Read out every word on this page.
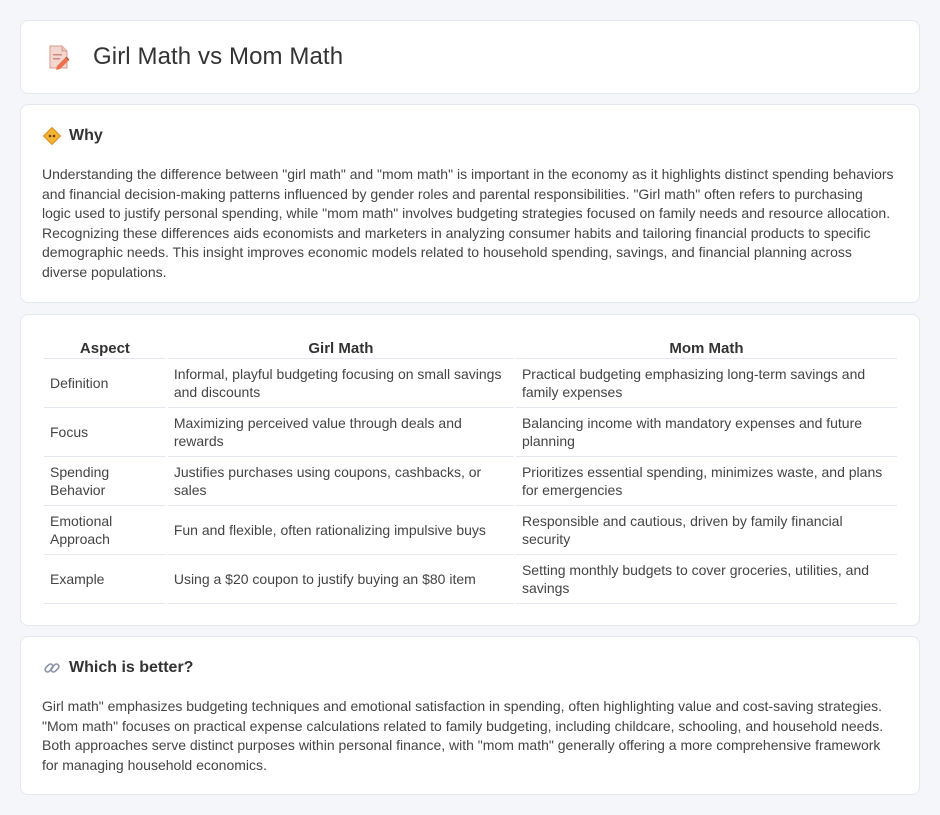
Girl Math vs Mom Math
Why

Understanding the difference between "girl math" and "mom math" is important in the economy as it highlights distinct spending behaviors and financial decision-making patterns influenced by gender roles and parental responsibilities. "Girl math" often refers to purchasing logic used to justify personal spending, while "mom math" involves budgeting strategies focused on family needs and resource allocation. Recognizing these differences aids economists and marketers in analyzing consumer habits and tailoring financial products to specific demographic needs. This insight improves economic models related to household spending, savings, and financial planning across diverse populations.

Aspect	Girl Math	Mom Math
Definition	Informal, playful budgeting focusing on small savings and discounts	Practical budgeting emphasizing long-term savings and family expenses
Focus	Maximizing perceived value through deals and rewards	Balancing income with mandatory expenses and future planning
Spending Behavior	Justifies purchases using coupons, cashbacks, or sales	Prioritizes essential spending, minimizes waste, and plans for emergencies
Emotional Approach	Fun and flexible, often rationalizing impulsive buys	Responsible and cautious, driven by family financial security
Example	Using a $20 coupon to justify buying an $80 item	Setting monthly budgets to cover groceries, utilities, and savings
Which is better?

Girl math" emphasizes budgeting techniques and emotional satisfaction in spending, often highlighting value and cost-saving strategies. "Mom math" focuses on practical expense calculations related to family budgeting, including childcare, schooling, and household needs. Both approaches serve distinct purposes within personal finance, with "mom math" generally offering a more comprehensive framework for managing household economics.
